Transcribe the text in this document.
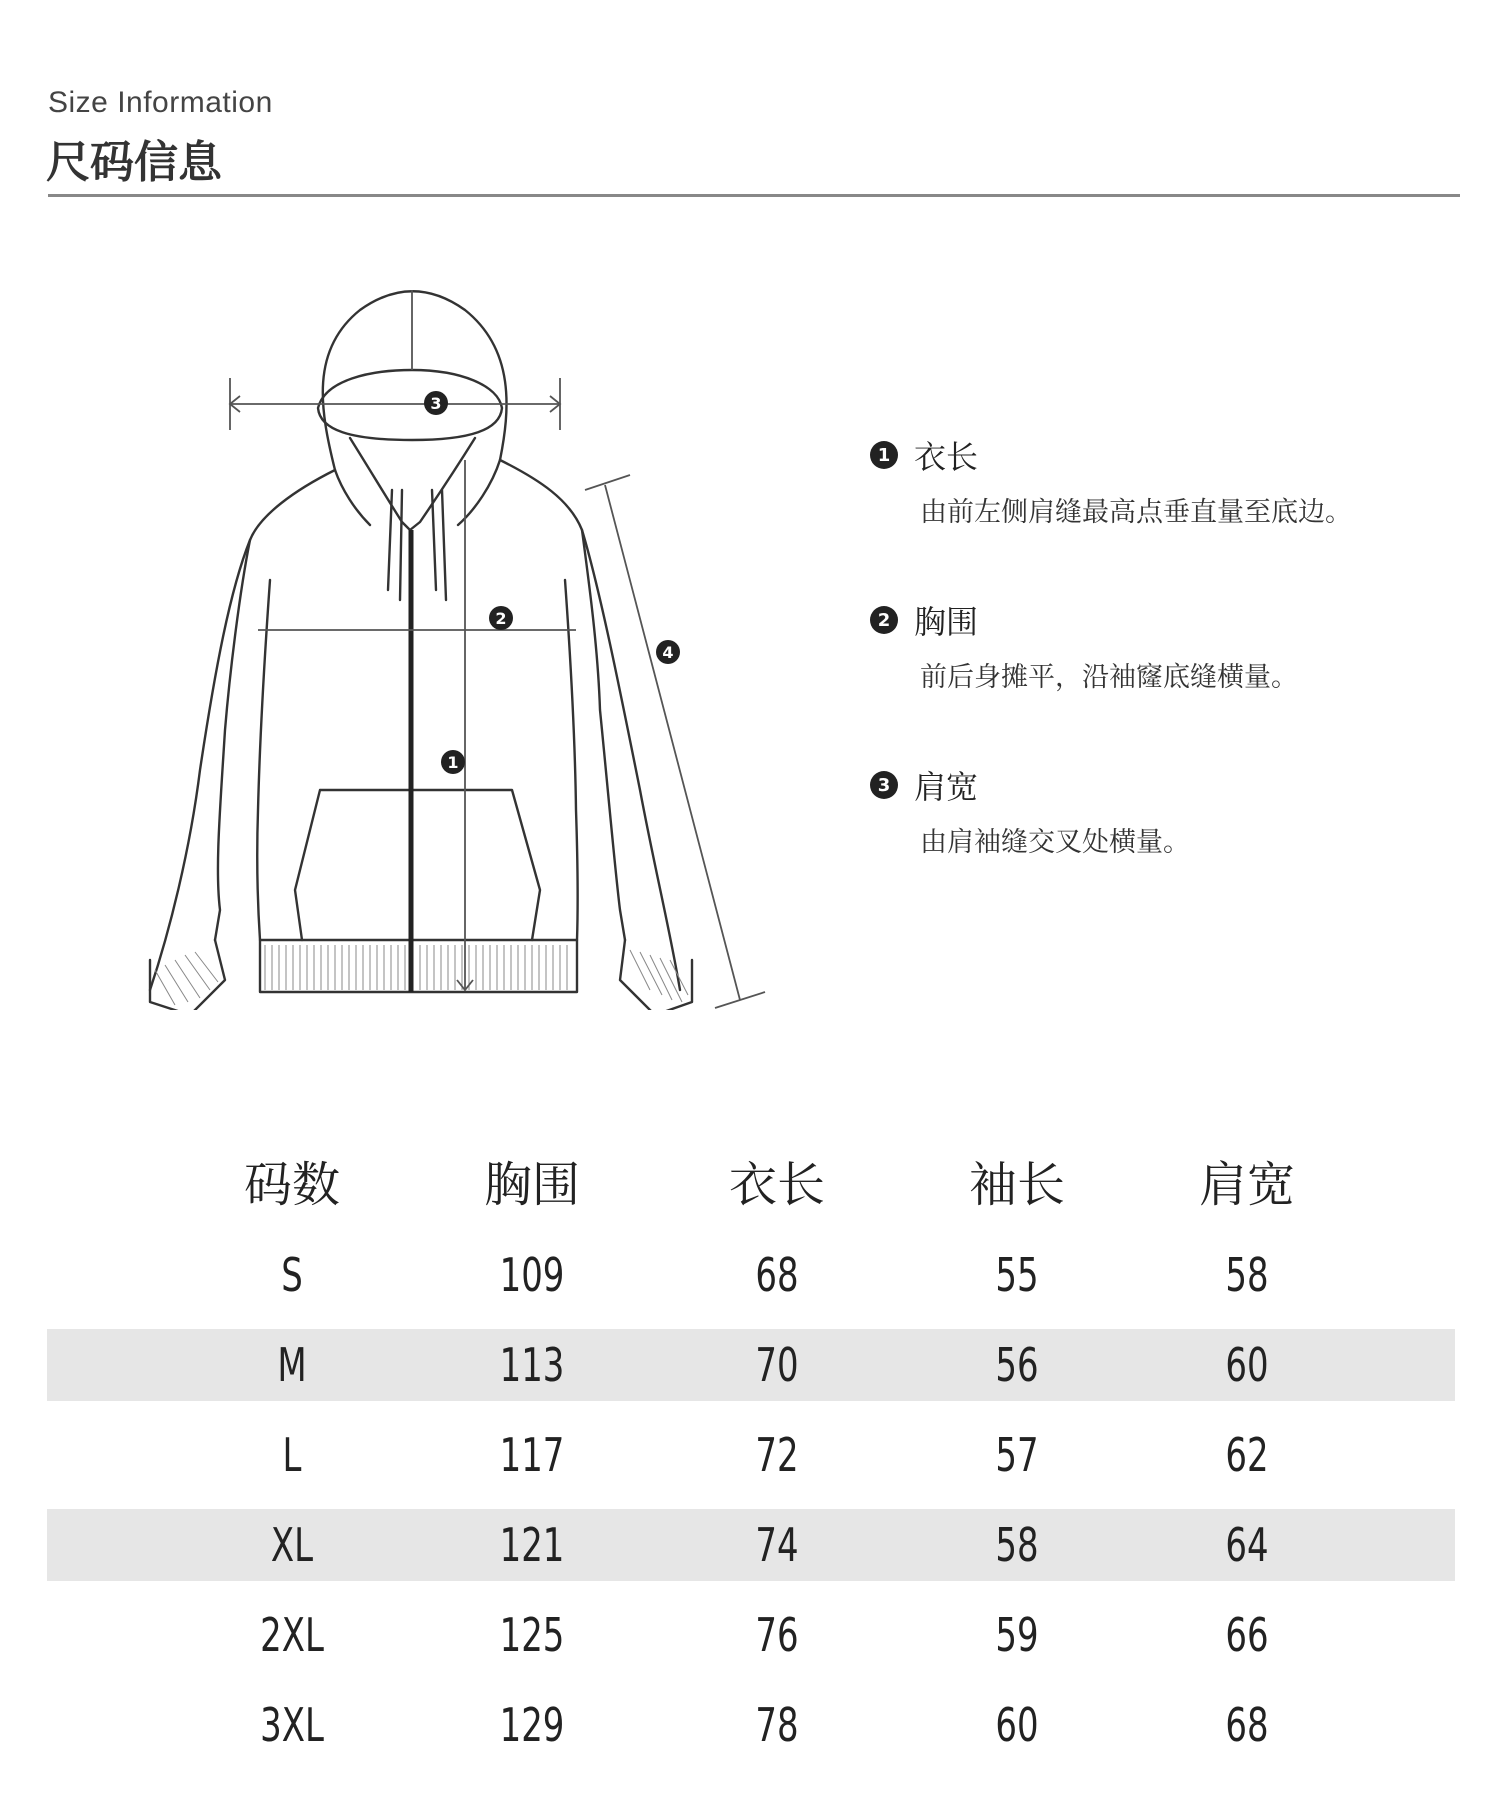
Size Information
尺码信息
3
2
1
4
1 衣长
由前左侧肩缝最高点垂直量至底边。
2 胸围
前后身摊平，沿袖窿底缝横量。
3 肩宽
由肩袖缝交叉处横量。
码数	胸围	衣长	袖长	肩宽
S	109	68	55	58
M	113	70	56	60
L	117	72	57	62
XL	121	74	58	64
2XL	125	76	59	66
3XL	129	78	60	68
